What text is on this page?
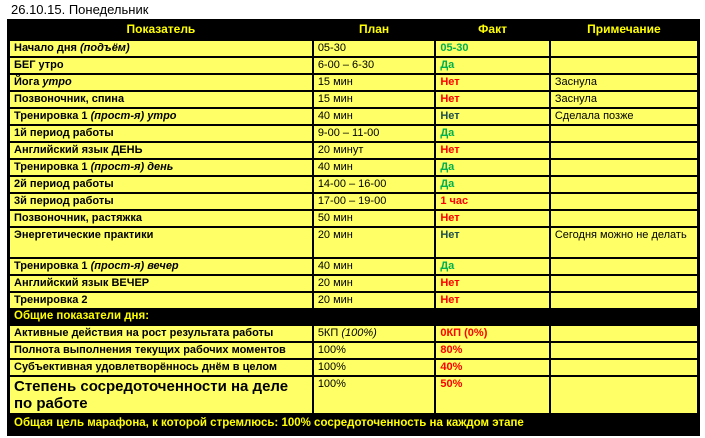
26.10.15. Понедельник
Показатель	План	Факт	Примечание
Начало дня (подъём)	05-30	05-30	
БЕГ утро	6-00 – 6-30	Да	
Йога утро	15 мин	Нет	Заснула
Позвоночник, спина	15 мин	Нет	Заснула
Тренировка 1 (прост-я) утро	40 мин	Нет	Сделала позже
1й период работы	9-00 – 11-00	Да	
Английский язык ДЕНЬ	20 минут	Нет	
Тренировка 1 (прост-я) день	40 мин	Да	
2й период работы	14-00 – 16-00	Да	
3й период работы	17-00 – 19-00	1 час	
Позвоночник, растяжка	50 мин	Нет	
Энергетические практики	20 мин	Нет	Сегодня можно не делать
Тренировка 1 (прост-я) вечер	40 мин	Да	
Английский язык ВЕЧЕР	20 мин	Нет	
Тренировка 2	20 мин	Нет	
Общие показатели дня:			
Активные действия на рост результата работы	5КП (100%)	0КП (0%)	
Полнота выполнения текущих рабочих моментов	100%	80%	
Субъективная удовлетворённось днём в целом	100%	40%	
Степень сосредоточенности на деле по работе	100%	50%	
Общая цель марафона, к которой стремлюсь: 100% сосредоточенность на каждом этапе			
